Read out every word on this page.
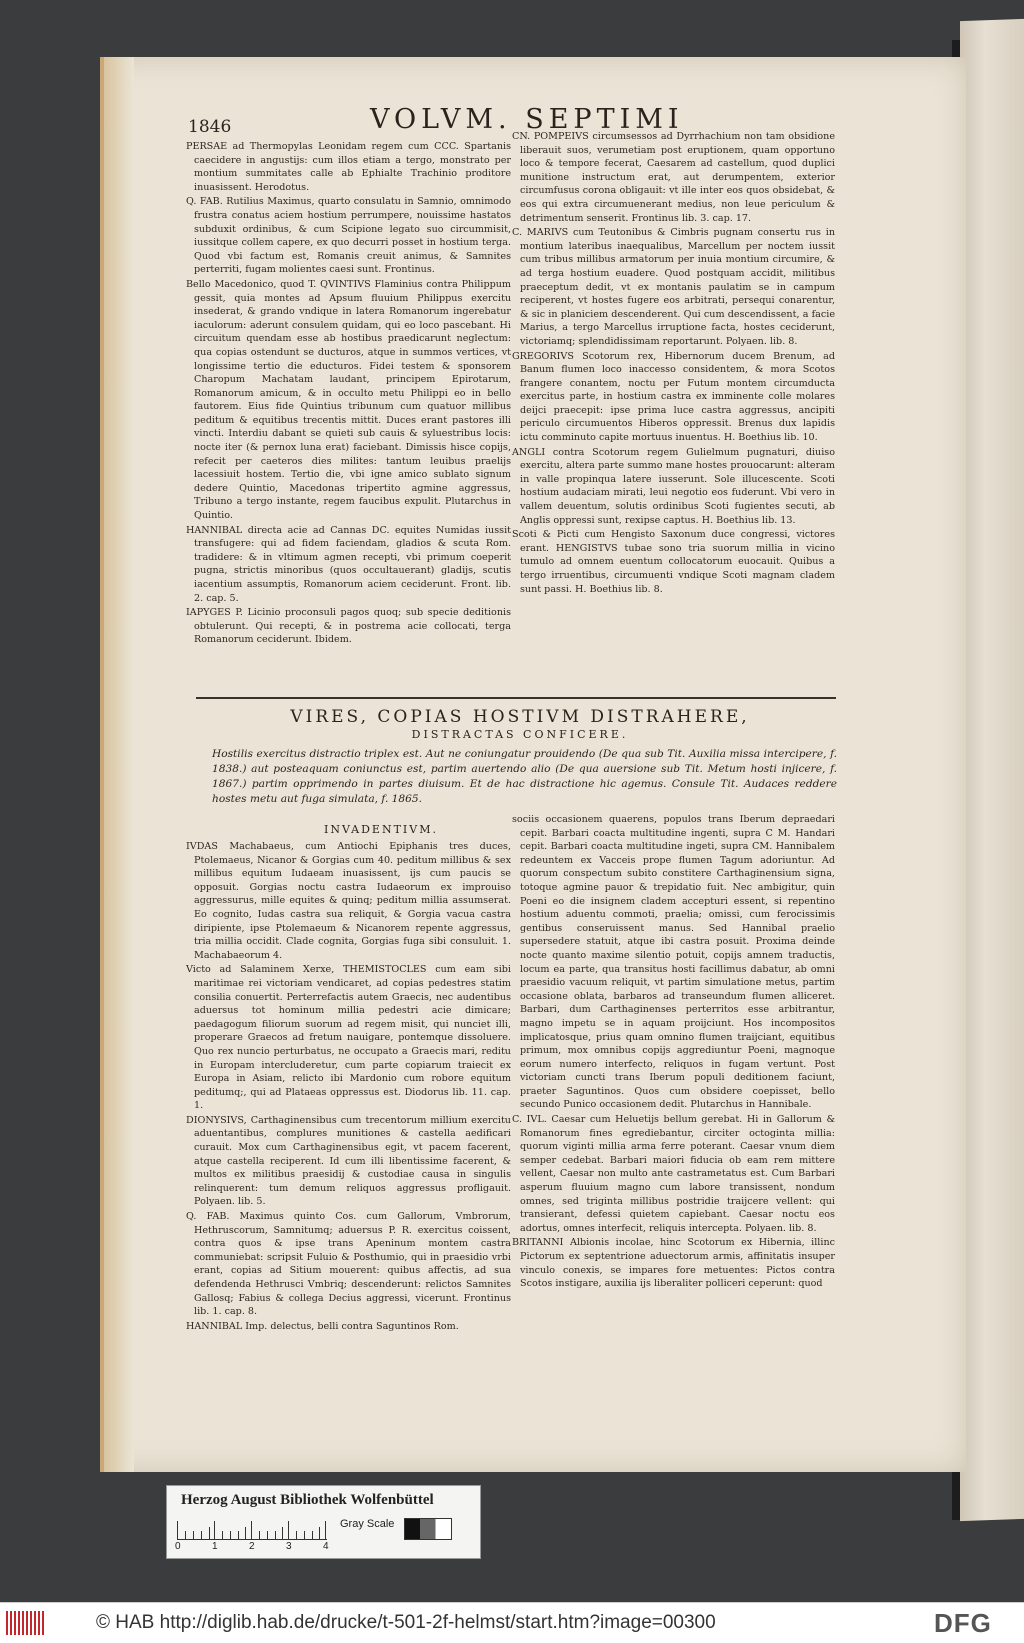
1846	VOLVM. SEPTIMI

PERSAE ad Thermopylas Leonidam regem cum CCC. Spartanis caecidere in angustijs: cum illos etiam a tergo, monstrato per montium summitates calle ab Ephialte Trachinio proditore inuasissent. Herodotus.

Q. FAB. Rutilius Maximus, quarto consulatu in Samnio, omnimodo frustra conatus aciem hostium perrumpere, nouissime hastatos subduxit ordinibus, & cum Scipione legato suo circummisit, iussitque collem capere, ex quo decurri posset in hostium terga. Quod vbi factum est, Romanis creuit animus, & Samnites perterriti, fugam molientes caesi sunt. Frontinus.

Bello Macedonico, quod T. QVINTIVS Flaminius contra Philippum gessit, quia montes ad Apsum fluuium Philippus exercitu insederat, & grando vndique in latera Romanorum ingerebatur iaculorum: aderunt consulem quidam, qui eo loco pascebant. Hi circuitum quendam esse ab hostibus praedicarunt neglectum: qua copias ostendunt se ducturos, atque in summos vertices, vt longissime tertio die educturos. Fidei testem & sponsorem Charopum Machatam laudant, principem Epirotarum, Romanorum amicum, & in occulto metu Philippi eo in bello fautorem. Eius fide Quintius tribunum cum quatuor millibus peditum & equitibus trecentis mittit. Duces erant pastores illi vincti. Interdiu dabant se quieti sub cauis & syluestribus locis: nocte iter (& pernox luna erat) faciebant. Dimissis hisce copijs, refecit per caeteros dies milites: tantum leuibus praelijs lacessiuit hostem. Tertio die, vbi igne amico sublato signum dedere Quintio, Macedonas tripertito agmine aggressus, Tribuno a tergo instante, regem faucibus expulit. Plutarchus in Quintio.

HANNIBAL directa acie ad Cannas DC. equites Numidas iussit transfugere: qui ad fidem faciendam, gladios & scuta Rom. tradidere: & in vltimum agmen recepti, vbi primum coeperit pugna, strictis minoribus (quos occultauerant) gladijs, scutis iacentium assumptis, Romanorum aciem ceciderunt. Front. lib. 2. cap. 5.

IAPYGES P. Licinio proconsuli pagos quoq; sub specie deditionis obtulerunt. Qui recepti, & in postrema acie collocati, terga Romanorum ceciderunt. Ibidem.

CN. POMPEIVS circumsessos ad Dyrrhachium non tam obsidione liberauit suos, verumetiam post eruptionem, quam opportuno loco & tempore fecerat, Caesarem ad castellum, quod duplici munitione instructum erat, aut derumpentem, exterior circumfusus corona obligauit: vt ille inter eos quos obsidebat, & eos qui extra circumuenerant medius, non leue periculum & detrimentum senserit. Frontinus lib. 3. cap. 17.

C. MARIVS cum Teutonibus & Cimbris pugnam consertu rus in montium lateribus inaequalibus, Marcellum per noctem iussit cum tribus millibus armatorum per inuia montium circumire, & ad terga hostium euadere. Quod postquam accidit, militibus praeceptum dedit, vt ex montanis paulatim se in campum reciperent, vt hostes fugere eos arbitrati, persequi conarentur, & sic in planiciem descenderent. Qui cum descendissent, a facie Marius, a tergo Marcellus irruptione facta, hostes ceciderunt, victoriamq; splendidissimam reportarunt. Polyaen. lib. 8.

GREGORIVS Scotorum rex, Hibernorum ducem Brenum, ad Banum flumen loco inaccesso considentem, & mora Scotos frangere conantem, noctu per Futum montem circumducta exercitus parte, in hostium castra ex imminente colle molares deijci praecepit: ipse prima luce castra aggressus, ancipiti periculo circumuentos Hiberos oppressit. Brenus dux lapidis ictu comminuto capite mortuus inuentus. H. Boethius lib. 10.

ANGLI contra Scotorum regem Gulielmum pugnaturi, diuiso exercitu, altera parte summo mane hostes prouocarunt: alteram in valle propinqua latere iusserunt. Sole illucescente. Scoti hostium audaciam mirati, leui negotio eos fuderunt. Vbi vero in vallem deuentum, solutis ordinibus Scoti fugientes secuti, ab Anglis oppressi sunt, rexipse captus. H. Boethius lib. 13.

Scoti & Picti cum Hengisto Saxonum duce congressi, victores erant. HENGISTVS tubae sono tria suorum millia in vicino tumulo ad omnem euentum collocatorum euocauit. Quibus a tergo irruentibus, circumuenti vndique Scoti magnam cladem sunt passi. H. Boethius lib. 8.

VIRES, COPIAS HOSTIVM DISTRAHERE,
DISTRACTAS CONFICERE.
Hostilis exercitus distractio triplex est. Aut ne coniungatur prouidendo (De qua sub Tit. Auxilia missa intercipere, f. 1838.) aut posteaquam coniunctus est, partim auertendo alio (De qua auersione sub Tit. Metum hosti injicere, f. 1867.) partim opprimendo in partes diuisum. Et de hac distractione hic agemus. Consule Tit. Audaces reddere hostes metu aut fuga simulata, f. 1865.
INVADENTIVM.

IVDAS Machabaeus, cum Antiochi Epiphanis tres duces, Ptolemaeus, Nicanor & Gorgias cum 40. peditum millibus & sex millibus equitum Iudaeam inuasissent, ijs cum paucis se opposuit. Gorgias noctu castra Iudaeorum ex improuiso aggressurus, mille equites & quinq; peditum millia assumserat. Eo cognito, Iudas castra sua reliquit, & Gorgia vacua castra diripiente, ipse Ptolemaeum & Nicanorem repente aggressus, tria millia occidit. Clade cognita, Gorgias fuga sibi consuluit. 1. Machabaeorum 4.

Victo ad Salaminem Xerxe, THEMISTOCLES cum eam sibi maritimae rei victoriam vendicaret, ad copias pedestres statim consilia conuertit. Perterrefactis autem Graecis, nec audentibus aduersus tot hominum millia pedestri acie dimicare; paedagogum filiorum suorum ad regem misit, qui nunciet illi, properare Graecos ad fretum nauigare, pontemque dissoluere. Quo rex nuncio perturbatus, ne occupato a Graecis mari, reditu in Europam intercluderetur, cum parte copiarum traiecit ex Europa in Asiam, relicto ibi Mardonio cum robore equitum peditumq;, qui ad Plataeas oppressus est. Diodorus lib. 11. cap. 1.

DIONYSIVS, Carthaginensibus cum trecentorum millium exercitu aduentantibus, complures munitiones & castella aedificari curauit. Mox cum Carthaginensibus egit, vt pacem facerent, atque castella reciperent. Id cum illi libentissime facerent, & multos ex militibus praesidij & custodiae causa in singulis relinquerent: tum demum reliquos aggressus profligauit. Polyaen. lib. 5.

Q. FAB. Maximus quinto Cos. cum Gallorum, Vmbrorum, Hethruscorum, Samnitumq; aduersus P. R. exercitus coissent, contra quos & ipse trans Apeninum montem castra communiebat: scripsit Fuluio & Posthumio, qui in praesidio vrbi erant, copias ad Sitium mouerent: quibus affectis, ad sua defendenda Hethrusci Vmbriq; descenderunt: relictos Samnites Gallosq; Fabius & collega Decius aggressi, vicerunt. Frontinus lib. 1. cap. 8.

HANNIBAL Imp. delectus, belli contra Saguntinos Rom.

sociis occasionem quaerens, populos trans Iberum depraedari cepit. Barbari coacta multitudine ingenti, supra C M. Handari cepit. Barbari coacta multitudine ingeti, supra CM. Hannibalem redeuntem ex Vacceis prope flumen Tagum adoriuntur. Ad quorum conspectum subito constitere Carthaginensium signa, totoque agmine pauor & trepidatio fuit. Nec ambigitur, quin Poeni eo die insignem cladem accepturi essent, si repentino hostium aduentu commoti, praelia; omissi, cum ferocissimis gentibus conseruissent manus. Sed Hannibal praelio supersedere statuit, atque ibi castra posuit. Proxima deinde nocte quanto maxime silentio potuit, copijs amnem traductis, locum ea parte, qua transitus hosti facillimus dabatur, ab omni praesidio vacuum reliquit, vt partim simulatione metus, partim occasione oblata, barbaros ad transeundum flumen alliceret. Barbari, dum Carthaginenses perterritos esse arbitrantur, magno impetu se in aquam proijciunt. Hos incompositos implicatosque, prius quam omnino flumen traijciant, equitibus primum, mox omnibus copijs aggrediuntur Poeni, magnoque eorum numero interfecto, reliquos in fugam vertunt. Post victoriam cuncti trans Iberum populi deditionem faciunt, praeter Saguntinos. Quos cum obsidere coepisset, bello secundo Punico occasionem dedit. Plutarchus in Hannibale.

C. IVL. Caesar cum Heluetijs bellum gerebat. Hi in Gallorum & Romanorum fines egrediebantur, circiter octoginta millia: quorum viginti millia arma ferre poterant. Caesar vnum diem semper cedebat. Barbari maiori fiducia ob eam rem mittere vellent, Caesar non multo ante castrametatus est. Cum Barbari asperum fluuium magno cum labore transissent, nondum omnes, sed triginta millibus postridie traijcere vellent: qui transierant, defessi quietem capiebant. Caesar noctu eos adortus, omnes interfecit, reliquis intercepta. Polyaen. lib. 8.

BRITANNI Albionis incolae, hinc Scotorum ex Hibernia, illinc Pictorum ex septentrione aduectorum armis, affinitatis insuper vinculo conexis, se impares fore metuentes: Pictos contra Scotos instigare, auxilia ijs liberaliter polliceri ceperunt: quod

Herzog August Bibliothek Wolfenbüttel
0	1	2	3	4
Gray Scale
© HAB http://diglib.hab.de/drucke/t-501-2f-helmst/start.htm?image=00300	DFG
